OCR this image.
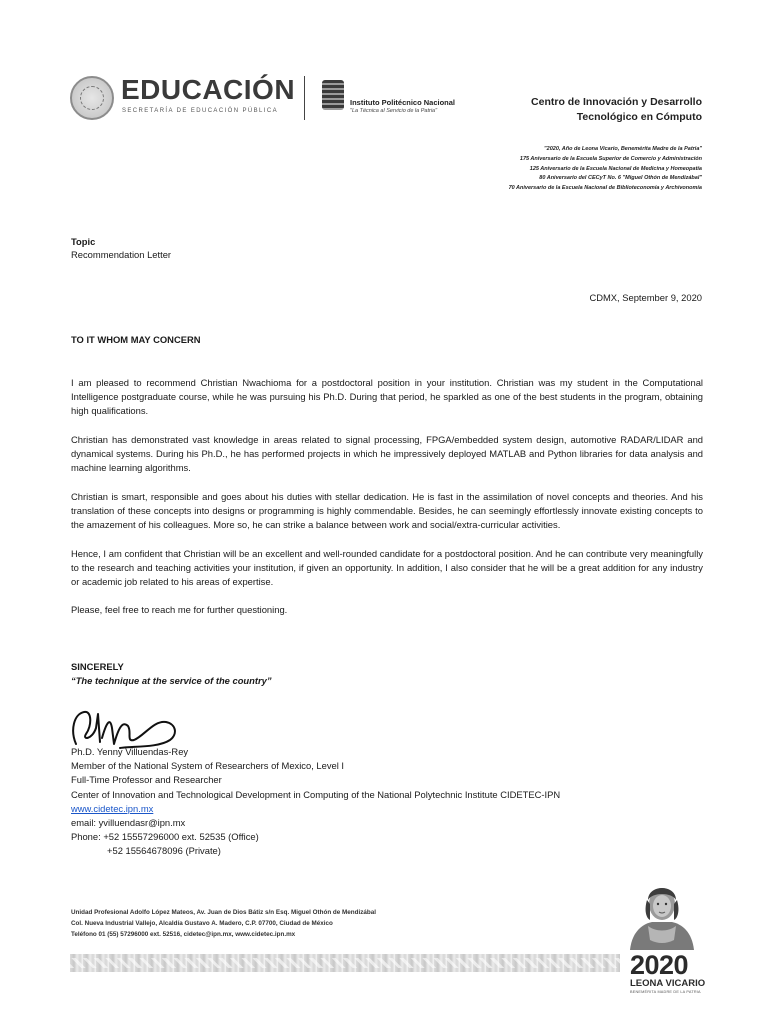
EDUCACIÓN
SECRETARÍA DE EDUCACIÓN PÚBLICA
Instituto Politécnico Nacional
"La Técnica al Servicio de la Patria"
Centro de Innovación y Desarrollo
Tecnológico en Cómputo
"2020, Año de Leona Vicario, Benemérita Madre de la Patria"
175 Aniversario de la Escuela Superior de Comercio y Administración
125 Aniversario de la Escuela Nacional de Medicina y Homeopatía
80 Aniversario del CECyT No. 6 "Miguel Othón de Mendizábal"
70 Aniversario de la Escuela Nacional de Biblioteconomía y Archivonomía
Topic
Recommendation Letter
CDMX, September 9, 2020
TO IT WHOM MAY CONCERN
I am pleased to recommend Christian Nwachioma for a postdoctoral position in your institution. Christian was my student in the Computational Intelligence postgraduate course, while he was pursuing his Ph.D. During that period, he sparkled as one of the best students in the program, obtaining high qualifications.
Christian has demonstrated vast knowledge in areas related to signal processing, FPGA/embedded system design, automotive RADAR/LIDAR and dynamical systems. During his Ph.D., he has performed projects in which he impressively deployed MATLAB and Python libraries for data analysis and machine learning algorithms.
Christian is smart, responsible and goes about his duties with stellar dedication. He is fast in the assimilation of novel concepts and theories. And his translation of these concepts into designs or programming is highly commendable. Besides, he can seemingly effortlessly innovate existing concepts to the amazement of his colleagues. More so, he can strike a balance between work and social/extra-curricular activities.
Hence, I am confident that Christian will be an excellent and well-rounded candidate for a postdoctoral position. And he can contribute very meaningfully to the research and teaching activities your institution, if given an opportunity. In addition, I also consider that he will be a great addition for any industry or academic job related to his areas of expertise.
Please, feel free to reach me for further questioning.
SINCERELY
“The technique at the service of the country”
Ph.D. Yenny Villuendas-Rey
Member of the National System of Researchers of Mexico, Level I
Full-Time Professor and Researcher
Center of Innovation and Technological Development in Computing of the National Polytechnic Institute CIDETEC-IPN
www.cidetec.ipn.mx
email: yvilluendasr@ipn.mx
Phone: +52 15557296000 ext. 52535 (Office)
+52 15564678096 (Private)
Unidad Profesional Adolfo López Mateos, Av. Juan de Dios Bátiz s/n Esq. Miguel Othón de Mendizábal
Col. Nueva Industrial Vallejo, Alcaldía Gustavo A. Madero, C.P. 07700, Ciudad de México
Teléfono 01 (55) 57296000 ext. 52516, cidetec@ipn.mx, www.cidetec.ipn.mx
2020
LEONA VICARIO
BENEMÉRITA MADRE DE LA PATRIA
